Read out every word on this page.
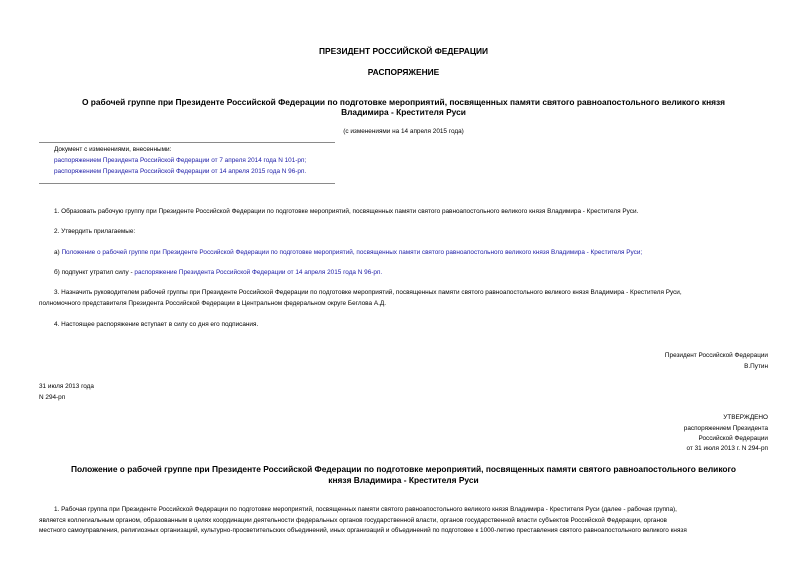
ПРЕЗИДЕНТ РОССИЙСКОЙ ФЕДЕРАЦИИ
РАСПОРЯЖЕНИЕ
О рабочей группе при Президенте Российской Федерации по подготовке мероприятий, посвященных памяти святого равноапостольного великого князя
Владимира - Крестителя Руси
(с изменениями на 14 апреля 2015 года)
Документ с изменениями, внесенными:
распоряжением Президента Российской Федерации от 7 апреля 2014 года N 101-рп;
распоряжением Президента Российской Федерации от 14 апреля 2015 года N 96-рп.
1. Образовать рабочую группу при Президенте Российской Федерации по подготовке мероприятий, посвященных памяти святого равноапостольного великого князя Владимира - Крестителя Руси.
2. Утвердить прилагаемые:
а) Положение о рабочей группе при Президенте Российской Федерации по подготовке мероприятий, посвященных памяти святого равноапостольного великого князя Владимира - Крестителя Руси;
б) подпункт утратил силу - распоряжение Президента Российской Федерации от 14 апреля 2015 года N 96-рп.
3. Назначить руководителем рабочей группы при Президенте Российской Федерации по подготовке мероприятий, посвященных памяти святого равноапостольного великого князя Владимира - Крестителя Руси,
полномочного представителя Президента Российской Федерации в Центральном федеральном округе Беглова А.Д.
4. Настоящее распоряжение вступает в силу со дня его подписания.
Президент Российской Федерации
В.Путин
31 июля 2013 года
N 294-рп
УТВЕРЖДЕНО
распоряжением Президента
Российской Федерации
от 31 июля 2013 г. N 294-рп
Положение о рабочей группе при Президенте Российской Федерации по подготовке мероприятий, посвященных памяти святого равноапостольного великого
князя Владимира - Крестителя Руси
1. Рабочая группа при Президенте Российской Федерации по подготовке мероприятий, посвященных памяти святого равноапостольного великого князя Владимира - Крестителя Руси (далее - рабочая группа),
является коллегиальным органом, образованным в целях координации деятельности федеральных органов государственной власти, органов государственной власти субъектов Российской Федерации, органов
местного самоуправления, религиозных организаций, культурно-просветительских объединений, иных организаций и объединений по подготовке к 1000-летию преставления святого равноапостольного великого князя
